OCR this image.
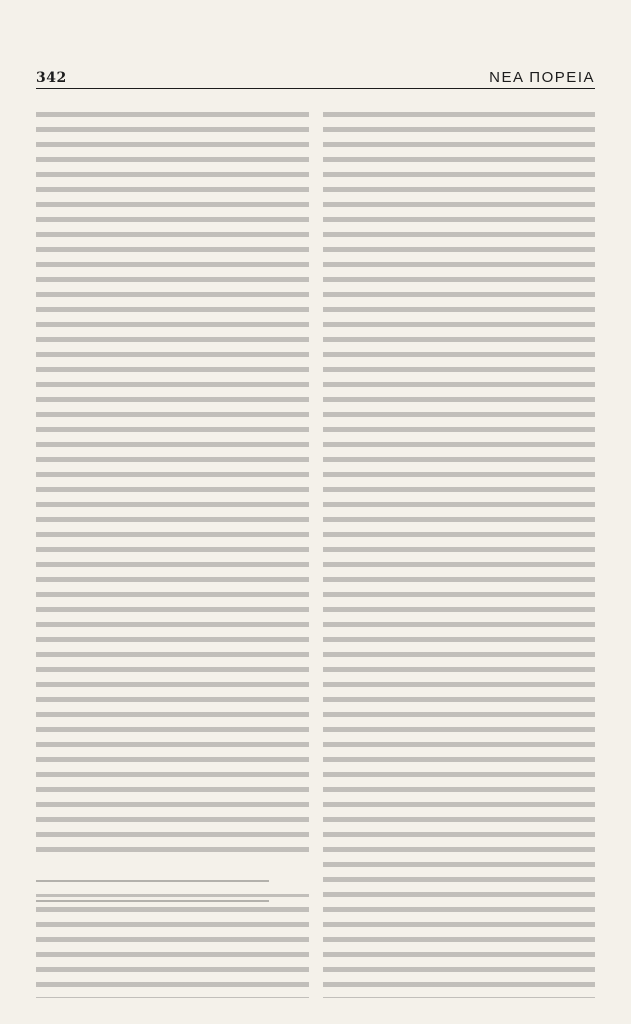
342	ΝΕΑ ΠΟΡΕΙΑ
